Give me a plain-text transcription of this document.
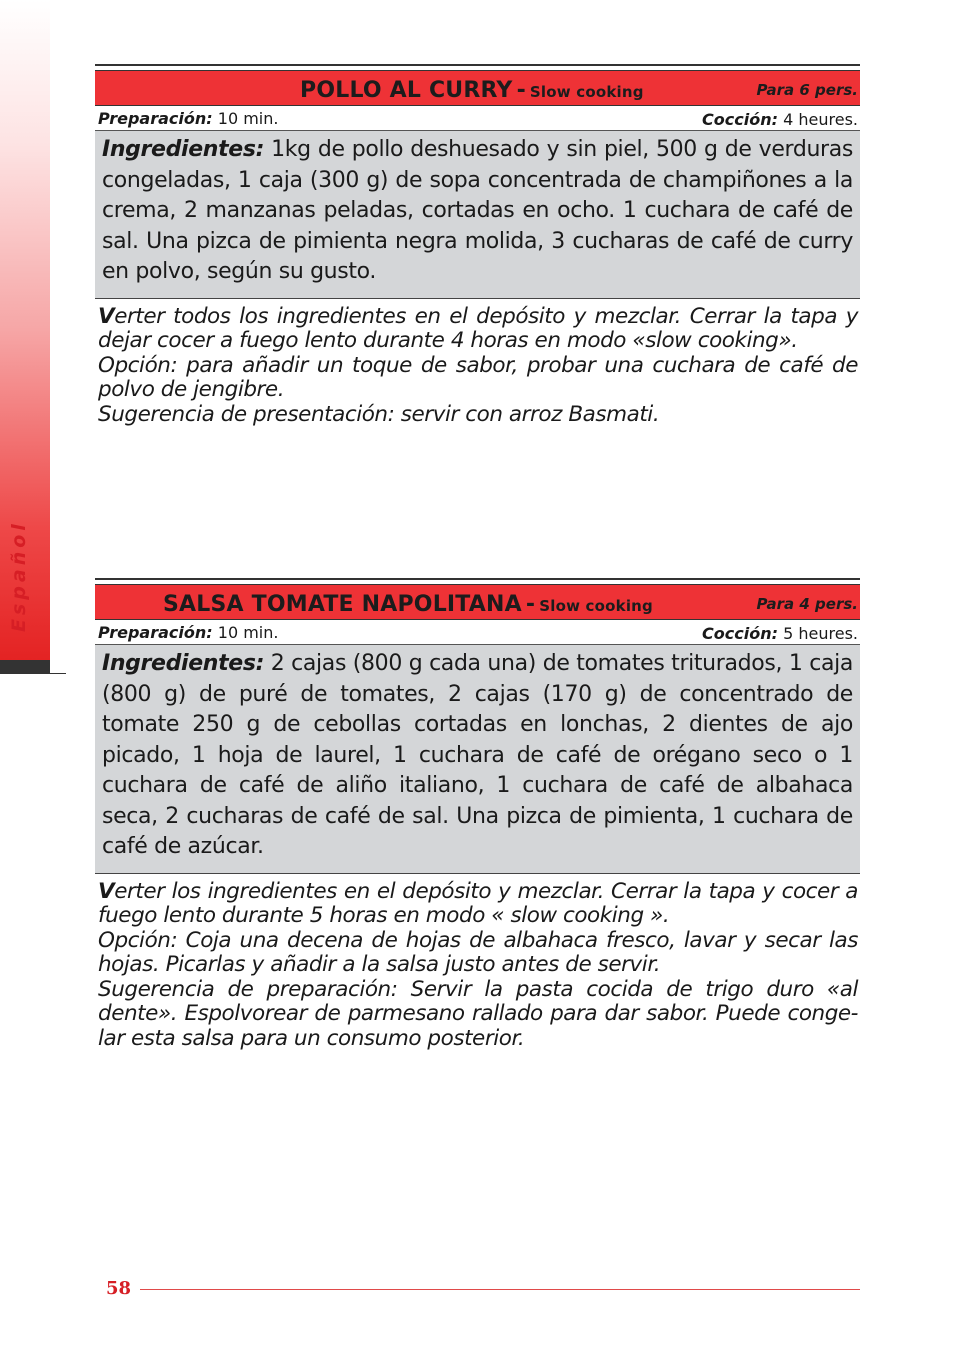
Español
POLLO AL CURRY - Slow cooking	Para 6 pers.
Preparación: 10 min.	Cocción: 4 heures.
Ingredientes: 1kg de pollo deshuesado y sin piel, 500 g de verduras congeladas, 1 caja (300 g) de sopa concentrada de champiñones a la crema, 2 manzanas peladas, cortadas en ocho. 1 cuchara de café de sal. Una pizca de pimienta negra molida, 3 cucharas de café de curry en polvo, según su gusto.

Verter todos los ingredientes en el depósito y mezclar. Cerrar la tapa y dejar cocer a fuego lento durante 4 horas en modo «slow cooking».

Opción: para añadir un toque de sabor, probar una cuchara de café de polvo de jengibre.

Sugerencia de presentación: servir con arroz Basmati.

SALSA TOMATE NAPOLITANA - Slow cooking	Para 4 pers.
Preparación: 10 min.	Cocción: 5 heures.
Ingredientes: 2 cajas (800 g cada una) de tomates triturados, 1 caja (800 g) de puré de tomates, 2 cajas (170 g) de concentrado de tomate 250 g de cebollas cortadas en lonchas, 2 dientes de ajo picado, 1 hoja de laurel, 1 cuchara de café de orégano seco o 1 cuchara de café de aliño italiano, 1 cuchara de café de albahaca seca, 2 cucharas de café de sal. Una pizca de pimienta, 1 cuchara de café de azúcar.

Verter los ingredientes en el depósito y mezclar. Cerrar la tapa y cocer a fuego lento durante 5 horas en modo « slow cooking ».

Opción: Coja una decena de hojas de albahaca fresco, lavar y secar las hojas. Picarlas y añadir a la salsa justo antes de servir.

Sugerencia de preparación: Servir la pasta cocida de trigo duro «al dente». Espolvorear de parmesano rallado para dar sabor. Puede conge- lar esta salsa para un consumo posterior.

58
